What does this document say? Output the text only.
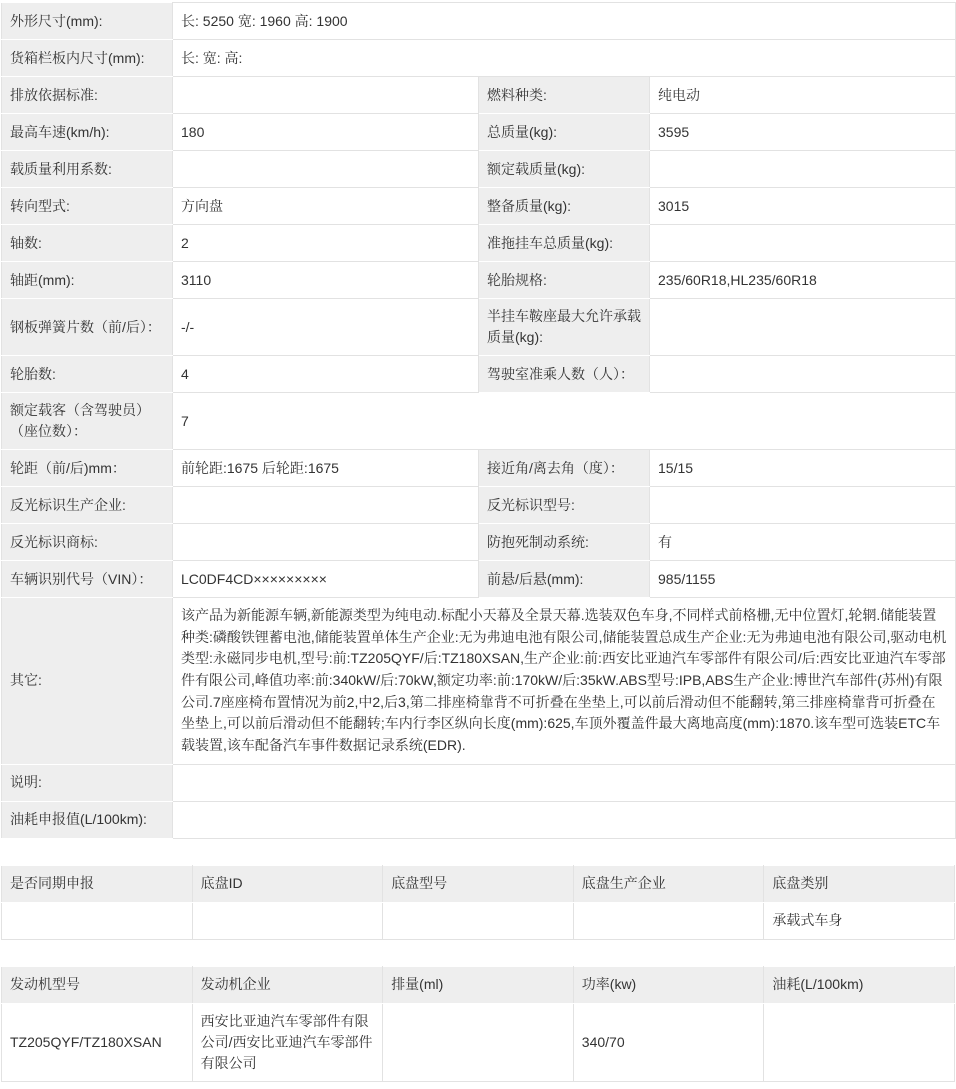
外形尺寸(mm):	长: 5250 宽: 1960 高: 1900		
货箱栏板内尺寸(mm):	长: 宽: 高:		
排放依据标准:		燃料种类:	纯电动
最高车速(km/h):	180	总质量(kg):	3595
载质量利用系数:		额定载质量(kg):	
转向型式:	方向盘	整备质量(kg):	3015
轴数:	2	准拖挂车总质量(kg):	
轴距(mm):	3110	轮胎规格:	235/60R18,HL235/60R18
钢板弹簧片数（前/后）：	-/-	半挂车鞍座最大允许承载质量(kg):	
轮胎数:	4	驾驶室准乘人数（人）：	
额定载客（含驾驶员）（座位数）：	7		
轮距（前/后)mm：	前轮距:1675 后轮距:1675	接近角/离去角（度）：	15/15
反光标识生产企业:		反光标识型号:	
反光标识商标:		防抱死制动系统:	有
车辆识别代号（VIN）：	LC0DF4CD×××××××××	前悬/后悬(mm):	985/1155
其它:	该产品为新能源车辆,新能源类型为纯电动.标配小天幕及全景天幕.选装双色车身,不同样式前格栅,无中位置灯,轮辋.储能装置种类:磷酸铁锂蓄电池,储能装置单体生产企业:无为弗迪电池有限公司,储能装置总成生产企业:无为弗迪电池有限公司,驱动电机类型:永磁同步电机,型号:前:TZ205QYF/后:TZ180XSAN,生产企业:前:西安比亚迪汽车零部件有限公司/后:西安比亚迪汽车零部件有限公司,峰值功率:前:340kW/后:70kW,额定功率:前:170kW/后:35kW.ABS型号:IPB,ABS生产企业:博世汽车部件(苏州)有限公司.7座座椅布置情况为前2,中2,后3,第二排座椅靠背不可折叠在坐垫上,可以前后滑动但不能翻转,第三排座椅靠背可折叠在坐垫上,可以前后滑动但不能翻转;车内行李区纵向长度(mm):625,车顶外覆盖件最大离地高度(mm):1870.该车型可选装ETC车载装置,该车配备汽车事件数据记录系统(EDR).		
说明:			
油耗申报值(L/100km):			
是否同期申报	底盘ID	底盘型号	底盘生产企业	底盘类别
				承载式车身
发动机型号	发动机企业	排量(ml)	功率(kw)	油耗(L/100km)
TZ205QYF/TZ180XSAN	西安比亚迪汽车零部件有限公司/西安比亚迪汽车零部件有限公司		340/70	
